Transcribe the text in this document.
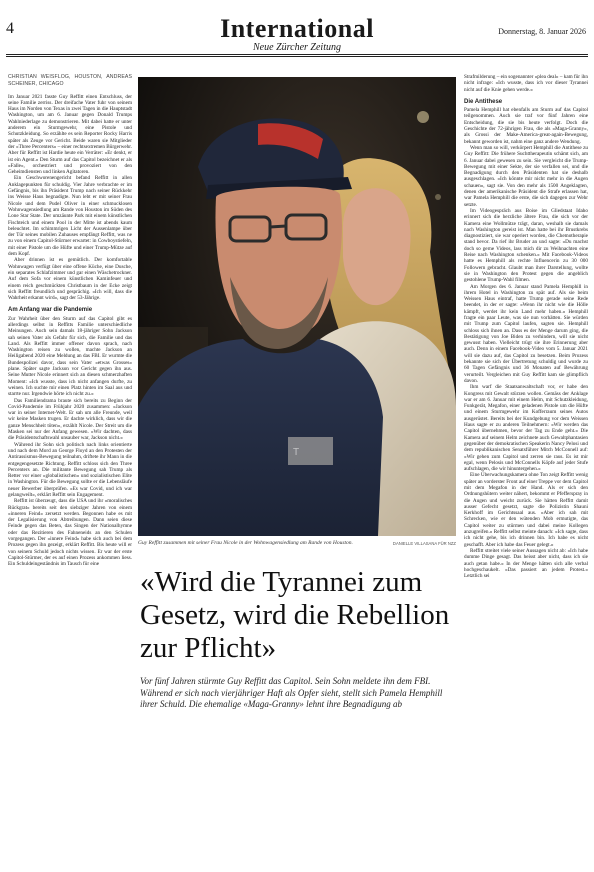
4	International
Neue Zürcher Zeitung
Donnerstag, 8. Januar 2026
CHRISTIAN WEISFLOG, HOUSTON, ANDREAS SCHEINER, CHICAGO

Im Januar 2021 fasste Guy Reffitt einen Entschluss, der seine Familie zerriss. Der dreifache Vater fuhr von seinem Haus im Norden von Texas in zwei Tagen in die Hauptstadt Washington, um am 6. Januar gegen Donald Trumps Wahlniederlage zu demonstrieren. Mit dabei hatte er unter anderem ein Sturmgewehr, eine Pistole und Schutzkleidung. So erzählte es sein Reporter Rocky Harris später als Zeuge vor Gericht. Beide waren sie Mitglieder der «Three Percenters» – einer rechtsextremen Bürgerwehr. Aber für Reffitt ist Hardie heute ein Verräter: «Er denkt, er ist ein Agent.» Den Sturm auf das Capitol bezeichnet er als «Falle», orchestriert und provoziert von den Geheimdiensten und linken Agitatoren.

Ein Geschworenengericht befand Reffitt in allen Anklagepunkten für schuldig. Vier Jahre verbrachte er im Gefängnis, bis ihn Präsident Trump nach seiner Rückkehr ins Weisse Haus begnadigte. Nun lebt er mit seiner Frau Nicole und dem Pudel Oliver in einer schmucklosen Wohnwagensiedlung am Rande von Houston im Süden des Lone Star State. Der umzäunte Park mit einem künstlichen Fischteich und einem Pool in der Mitte ist abends kaum beleuchtet. Im schimmrigen Licht der Aussenlampe über der Tür seines mobilen Zuhauses empfängt Reffitt, was ne zu von einem Capitol-Stürmer erwartet: in Cowboystiefeln, mit einer Pistole um die Hüfte und einer Trump-Mütze auf dem Kopf.

Aber drinnen ist es gemütlich. Der komfortable Wohnwagen verfügt über eine offene Küche, eine Dusche, ein separates Schlafzimmer und gar einen Wäschetrockner. Auf dem Sofa vor einem künstlichen Kaminfeuer und einem reich geschmückten Christbaum in der Ecke zeigt sich Reffitt freundlich und gesprächig. «Ich will, dass die Wahrheit erkannt wird», sagt der 53-Jährige.

Am Anfang war die Pandemie

Zur Wahrheit über den Sturm auf das Capitol gibt es allerdings selbst in Reffitts Familie unterschiedliche Meinungen. Auch sein damals 18-jähriger Sohn Jackson sah seinen Vater als Gefahr für sich, die Familie und das Land. Als Reffitt immer offener davon sprach, nach Washington reisen zu wollen, machte Jackson an Heiligabend 2020 eine Meldung an das FBI. Er wurmte die Bundespolizei davor, dass sein Vater «etwas Grosses» plane. Später sagte Jackson vor Gericht gegen ihn aus. Seine Mutter Nicole erinnert sich an diesen schmerzhaften Moment: «Ich wusste, dass ich nicht anfangen durfte, zu weinen. Ich suchte mir einen Platz hinten im Saal aus und starrte nur. Irgendwie hörte ich nicht zu.»

Das Familiendrama braute sich bereits zu Beginn der Covid-Pandemie im Frühjahr 2020 zusammen: «Jackson war in seiner Internet-Welt. Er sah um alle Freunde, weil wir keine Masken trugen. Er dachte wirklich, dass wir die ganze Menschheit töten», erzählt Nicole. Der Streit um die Masken sei nur der Anfang gewesen. «Wir dachten, dass die Präsidentschaftswahl unsauber war, Jackson nicht.»

Während ihr Sohn sich politisch nach links orientierte und nach dem Mord an George Floyd an den Protesten der Antirassismus-Bewegung teilnahm, driftete ihr Mann in die entgegengesetzte Richtung. Reffitt schloss sich den Three Percenters an. Die militante Bewegung sah Trump als Retter vor einer «globalistischen» und sozialistischen Elite in Washington. Für die Bewegung sollte er die Lebensläufe neuer Bewerber überprüfen. «Es war Covid, und ich war gelangweilt», erklärt Reffitt sein Engagement.

Reffitt ist überzeugt, dass die USA und ihr «moralisches Rückgrat» bereits seit den siebziger Jahren von einem «inneren Feind» zersetzt werden. Begonnen habe es mit der Legalisierung von Abtreibungen. Dann seien diese Feinde gegen das Beten, das Singen der Nationalhymne oder das Rezitieren des Fahneneids an den Schulen vorgegangen. Der «innere Feind» habe sich auch bei dem Prozess gegen ihn gezeigt, erklärt Reffitt. Bis heute will er von seinem Schuld jedoch nichts wissen. Er war der erste Capitol-Stürmer, der es auf einen Prozess ankommen liess. Ein Schuldeingeständnis im Tausch für eine

T
Guy Reffitt zusammen mit seiner Frau Nicole in der Wohnwagensiedlung am Rande von Houston.	DANIELLE VILLASANA FÜR NZZ
«Wird die Tyrannei zum Gesetz, wird die Rebellion zur Pflicht»
Vor fünf Jahren stürmte Guy Reffitt das Capitol. Sein Sohn meldete ihn dem FBI. Während er sich nach vierjähriger Haft als Opfer sieht, stellt sich Pamela Hemphill ihrer Schuld. Die ehemalige «Maga-Granny» lehnt ihre Begnadigung ab

Strafmilderung – ein sogenannter «plea deal» – kam für ihn nicht infrage: «Ich wusste, dass ich vor dieser Tyrannei nicht auf die Knie gehen werde.»

Die Antithese

Pamela Hemphill hat ebenfalls am Sturm auf das Capitol teilgenommen. Auch sie traf vor fünf Jahren eine Entscheidung, die sie bis heute verfolgt. Doch die Geschichte der 72-jährigen Frau, die als «Maga-Granny», als Grossi der Make-America-great-again-Bewegung, bekannt geworden ist, nahm eine ganz andere Wendung.

Wenn man so will, verkörpert Hemphill die Antithese zu Guy Reffitt: Die frühere Suchttherapeutin schämt sich, am 6. Januar dabei gewesen zu sein. Sie vergleicht die Trump-Bewegung mit einer Sekte, der sie verfallen sei, und die Begnadigung durch den Präsidenten hat sie deshalb ausgeschlagen. «Ich könnte mir nicht mehr in die Augen schauen», sagt sie. Von den mehr als 1500 Angeklagten, denen der amerikanische Präsident die Strafe erlassen hat, war Pamela Hemphill die erste, die sich dagegen zur Wehr setzte.

Im Videogespräch aus Boise im Gliedstaat Idaho erinnert sich die herzliche ältere Frau, die sich vor der Kamera eine Wollmütze trägt, daran, weshalb sie damals nach Washington gereist ist. Man hatte bei ihr Brustkrebs diagnostiziert, sie war operiert worden, die Chemotherapie stand bevor. Da rief ihr Bruder an und sagte: «Du machst doch so gerne Videos, lass mich dir zu Weihnachten eine Reise nach Washington schenken.» Mit Facebook-Videos hatte es Hemphill als rechte Influencerin zu 30 000 Followern gebracht. Glaubt man ihrer Darstellung, wollte sie in Washington den Protest gegen die angeblich gestohlene Trump-Wahl filmen.

Am Morgen des 6. Januar stand Pamela Hemphill in ihrem Hotel in Washington zu spät auf. Als sie beim Weissen Haus eintraf, hatte Trump gerade seine Rede beendet, in der er sagte: «Wenn ihr nicht wie die Hölle kämpft, werdet ihr kein Land mehr haben.» Hemphill fragte ein paar Leute, was sie nun vorhätten. Sie würden mit Trump zum Capitol laufen, sagten sie. Hemphill schloss sich ihnen an. Dass es der Menge darum ging, die Bestätigung von Joe Biden zu verhindern, will sie nicht gewusst haben. Vielleicht trügt sie ihre Erinnerung aber auch. Denn in einem Facebook-Video vom 5. Januar 2021 will sie dazu auf, das Capitol zu besetzen. Beim Prozess bekannte sie sich der Übertretung schuldig und wurde zu 60 Tagen Gefängnis und 36 Monaten auf Bewährung verurteilt. Vergleichen mit Guy Reffitt kam sie glimpflich davon.

Ihm warf die Staatsanwaltschaft vor, er habe den Kongress mit Gewalt stürzen wollen. Gemäss der Anklage war er am 6. Januar mit einem Helm, mit Schutzkleidung, Funkgerät, Megafon, einer geladenen Pistole um die Hüfte und einem Sturmgewehr im Kofferraum seines Autos ausgerüstet. Bereits bei der Kundgebung vor dem Weissen Haus sagte er zu anderen Teilnehmern: «Wir werden das Capitol übernehmen, bevor der Tag zu Ende geht.» Die Kamera auf seinem Helm zeichnete auch Gewaltphantasien gegenüber der demokratischen Speakerin Nancy Pelosi und dem republikanischen Senatsführer Mitch McConnell auf: «Wir gehen zum Capitol und zerren sie raus. Es ist mir egal, wenn Pelosis und McConnells Köpfe auf jeder Stufe aufschlagen, die wir hinuntergehen.»

Eine Überwachungskamera ohne Ton zeigt Reffitt wenig später an vorderster Front auf einer Treppe vor dem Capitol mit dem Megafon in der Hand. Als er sich den Ordnungshütern weiter nähert, bekommt er Pfefferspray in die Augen und weicht zurück. Sie hätten Reffitt damit ausser Gefecht gesetzt, sagte die Polizistin Shauni Kerkhoff im Gerichtssaal aus. «Aber ich sah mit Schrecken, wie er den wütenden Mob ermutigte, das Capitol weiter zu stürmen und dabei meine Kollegen anzugreifen.» Reffitt selbst meinte danach: «Ich sagte, dass ich nicht gehe, bis ich drinnen bin. Ich habe es nicht geschafft. Aber ich habe das Feuer gelegt.»

Reffitt streitet viele seiner Aussagen nicht ab: «Ich habe dumme Dinge gesagt. Das heisst aber nicht, dass ich sie auch getan habe.» In der Menge hätten sich alle verbal hochgeschaukelt. «Das passiert an jedem Protest.» Letztlich sei
